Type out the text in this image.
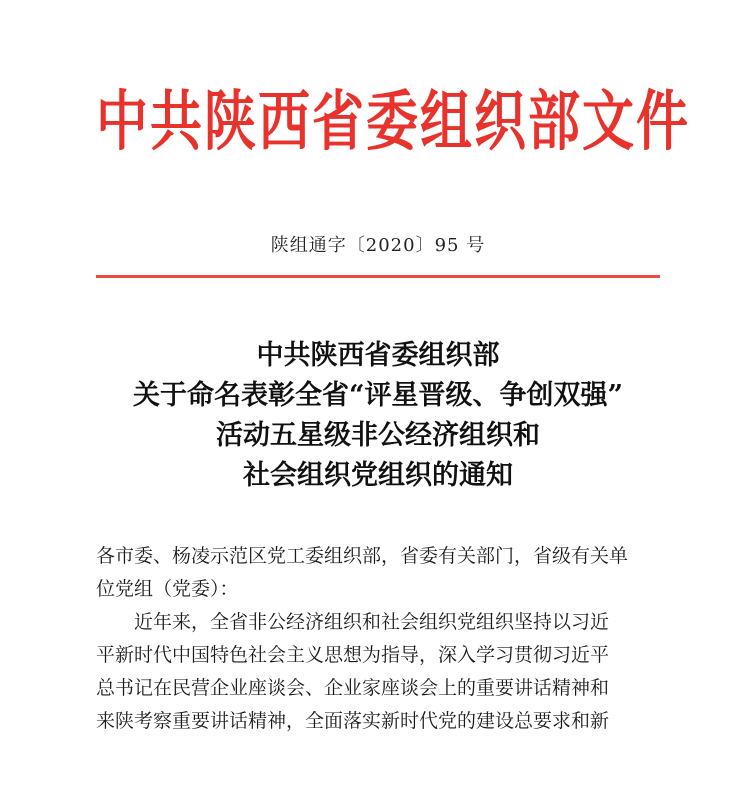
中共陕西省委组织部文件
陕组通字〔2020〕95 号
中共陕西省委组织部
关于命名表彰全省“评星晋级、争创双强”
活动五星级非公经济组织和
社会组织党组织的通知
各市委、杨凌示范区党工委组织部，省委有关部门，省级有关单
位党组（党委）：
近年来，全省非公经济组织和社会组织党组织坚持以习近
平新时代中国特色社会主义思想为指导，深入学习贯彻习近平
总书记在民营企业座谈会、企业家座谈会上的重要讲话精神和
来陕考察重要讲话精神，全面落实新时代党的建设总要求和新
